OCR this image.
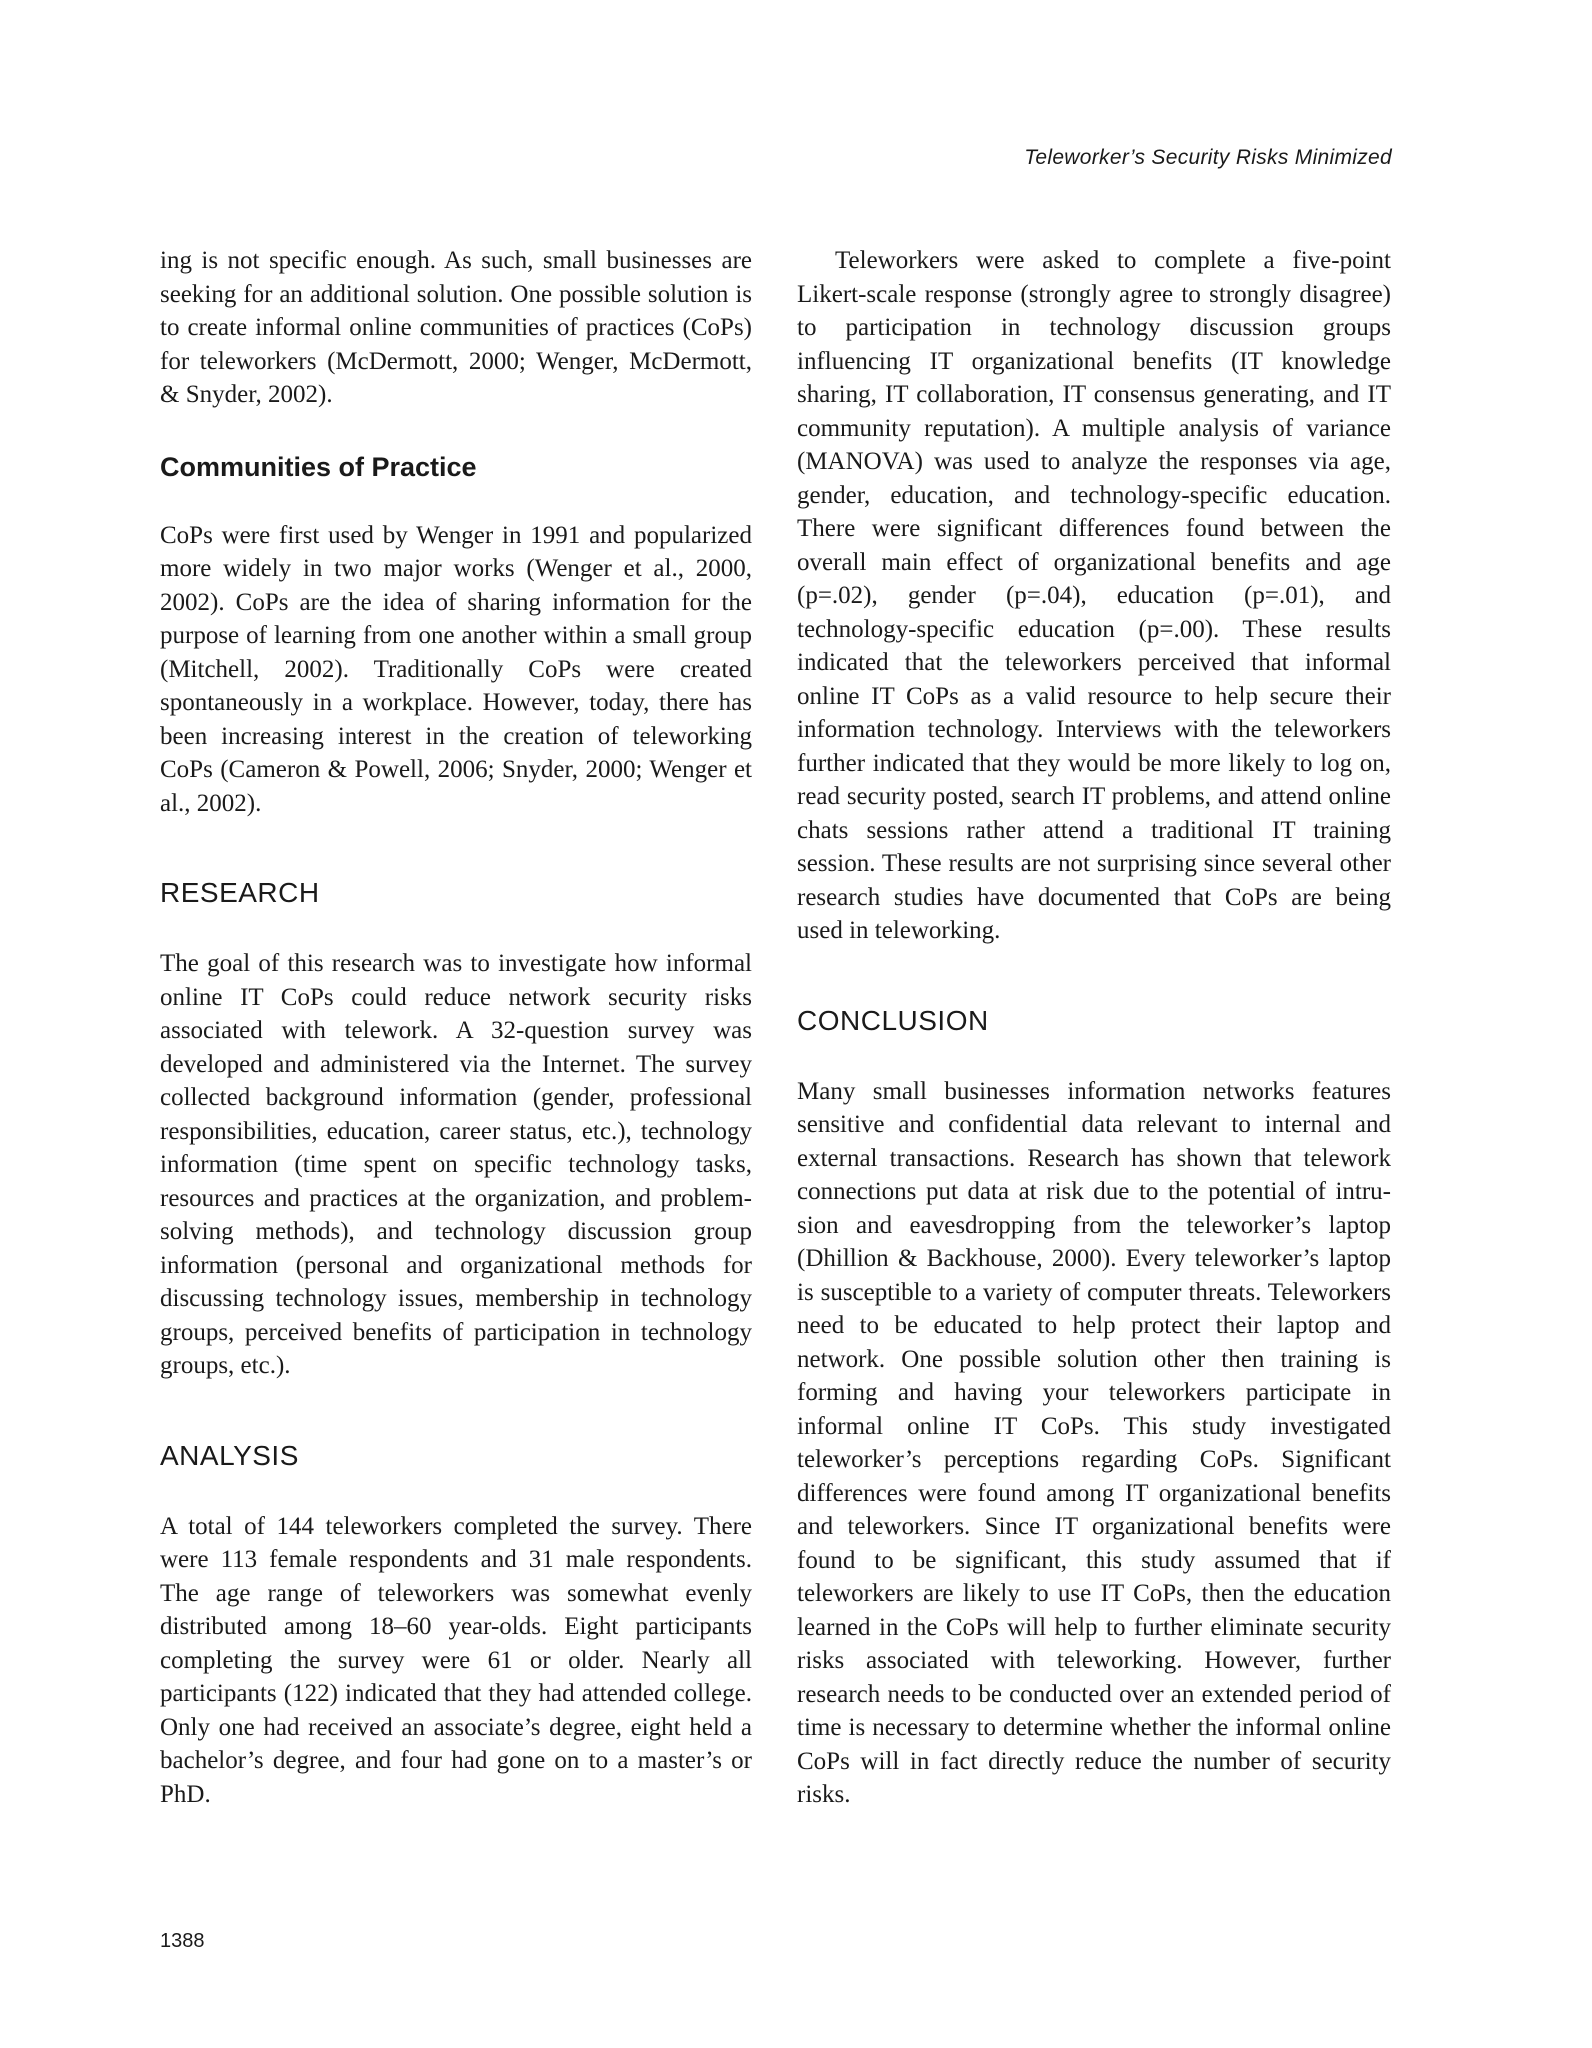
Teleworker’s Security Risks Minimized

ing is not specific enough. As such, small businesses are seeking for an additional solution. One possible solution is to create informal online communities of practices (CoPs) for teleworkers (McDermott, 2000; Wenger, McDermott, & Snyder, 2002).

Communities of Practice

CoPs were first used by Wenger in 1991 and popularized more widely in two major works (Wenger et al., 2000, 2002). CoPs are the idea of sharing information for the purpose of learning from one another within a small group (Mitchell, 2002). Traditionally CoPs were created spontaneously in a workplace. However, today, there has been increasing interest in the creation of teleworking CoPs (Cameron & Powell, 2006; Snyder, 2000; Wenger et al., 2002).

RESEARCH

The goal of this research was to investigate how informal online IT CoPs could reduce network security risks associated with telework. A 32-question survey was developed and administered via the Internet. The survey collected background information (gender, professional responsibilities, education, career status, etc.), technology information (time spent on specific technology tasks, resources and practices at the organization, and problem-solving methods), and technology discussion group information (personal and organizational methods for discussing technology issues, membership in technology groups, perceived benefits of participation in technology groups, etc.).

ANALYSIS

A total of 144 teleworkers completed the survey. There were 113 female respondents and 31 male respondents. The age range of teleworkers was somewhat evenly distributed among 18–60 year-olds. Eight participants completing the survey were 61 or older. Nearly all participants (122) indicated that they had attended college. Only one had received an associate’s degree, eight held a bachelor’s degree, and four had gone on to a master’s or PhD.

Teleworkers were asked to complete a five-point Likert-scale response (strongly agree to strongly disagree) to participation in technology discussion groups influencing IT organizational benefits (IT knowledge sharing, IT collaboration, IT consensus generating, and IT community reputation). A multiple analysis of variance (MANOVA) was used to analyze the responses via age, gender, education, and technology-specific education. There were significant differences found between the overall main effect of organizational benefits and age (p=.02), gender (p=.04), education (p=.01), and technology-specific education (p=.00). These results indicated that the teleworkers perceived that informal online IT CoPs as a valid resource to help secure their information technology. Interviews with the teleworkers further indicated that they would be more likely to log on, read security posted, search IT problems, and attend online chats sessions rather attend a traditional IT training session. These results are not surprising since several other research studies have documented that CoPs are being used in teleworking.

CONCLUSION

Many small businesses information networks features sensitive and confidential data relevant to internal and external transactions. Research has shown that telework connections put data at risk due to the potential of intrusion and eavesdropping from the teleworker’s laptop (Dhillion & Backhouse, 2000). Every teleworker’s laptop is susceptible to a variety of computer threats. Teleworkers need to be educated to help protect their laptop and network. One possible solution other then training is forming and having your teleworkers participate in informal online IT CoPs. This study investigated teleworker’s perceptions regarding CoPs. Significant differences were found among IT organizational benefits and teleworkers. Since IT organizational benefits were found to be significant, this study assumed that if teleworkers are likely to use IT CoPs, then the education learned in the CoPs will help to further eliminate security risks associated with teleworking. However, further research needs to be conducted over an extended period of time is necessary to determine whether the informal online CoPs will in fact directly reduce the number of security risks.

1388
